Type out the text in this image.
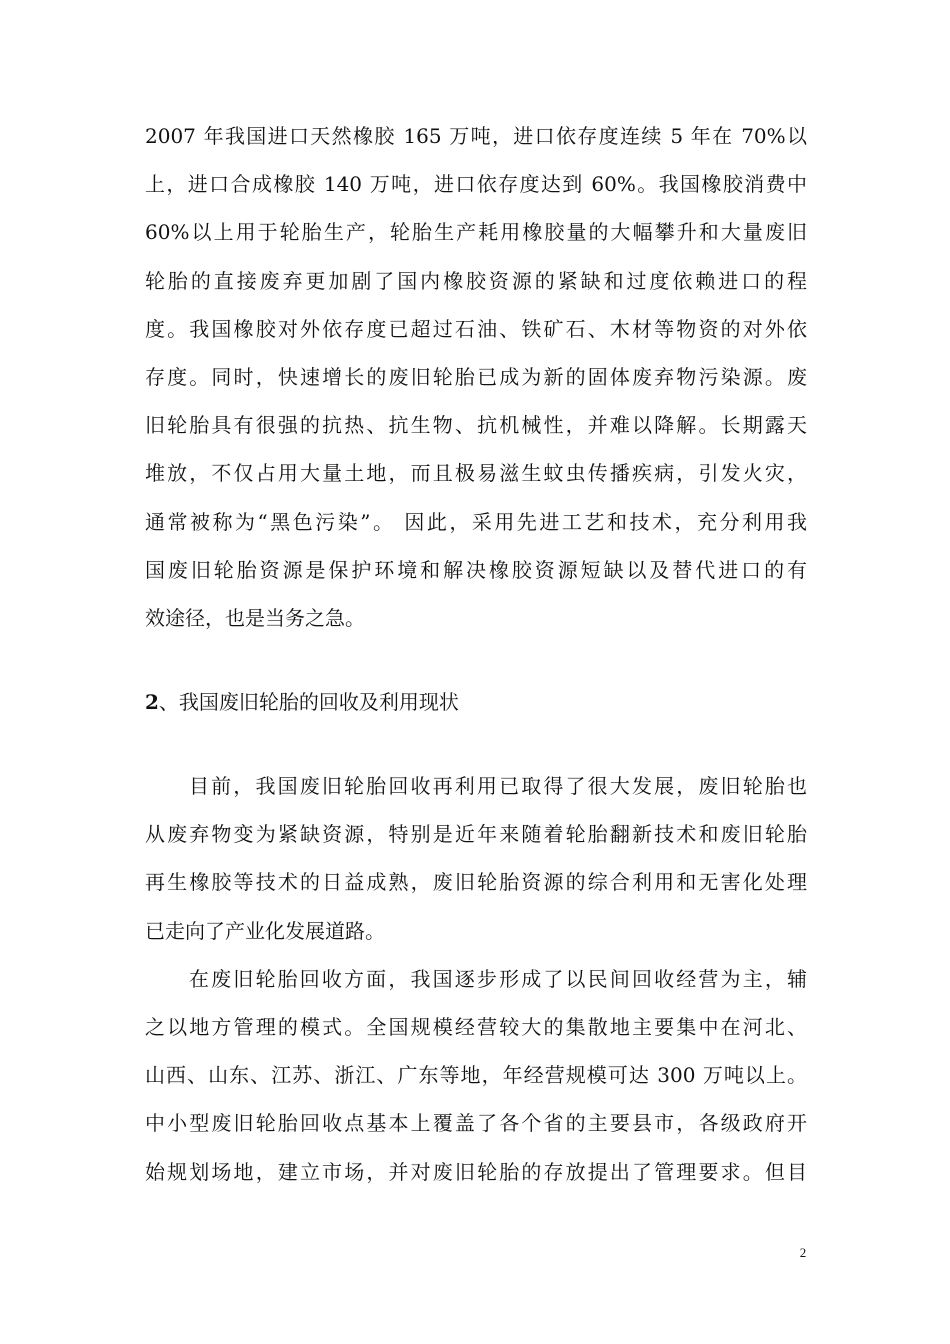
2007 年我国进口天然橡胶 165 万吨，进口依存度连续 5 年在 70%以
上，进口合成橡胶 140 万吨，进口依存度达到 60%。我国橡胶消费中
60%以上用于轮胎生产，轮胎生产耗用橡胶量的大幅攀升和大量废旧
轮胎的直接废弃更加剧了国内橡胶资源的紧缺和过度依赖进口的程
度。我国橡胶对外依存度已超过石油、铁矿石、木材等物资的对外依
存度。同时，快速增长的废旧轮胎已成为新的固体废弃物污染源。废
旧轮胎具有很强的抗热、抗生物、抗机械性，并难以降解。长期露天
堆放，不仅占用大量土地，而且极易滋生蚊虫传播疾病，引发火灾，
通常被称为“黑色污染”。 因此，采用先进工艺和技术，充分利用我
国废旧轮胎资源是保护环境和解决橡胶资源短缺以及替代进口的有
效途径，也是当务之急。
2、我国废旧轮胎的回收及利用现状
目前，我国废旧轮胎回收再利用已取得了很大发展，废旧轮胎也
从废弃物变为紧缺资源，特别是近年来随着轮胎翻新技术和废旧轮胎
再生橡胶等技术的日益成熟，废旧轮胎资源的综合利用和无害化处理
已走向了产业化发展道路。
在废旧轮胎回收方面，我国逐步形成了以民间回收经营为主，辅
之以地方管理的模式。全国规模经营较大的集散地主要集中在河北、
山西、山东、江苏、浙江、广东等地，年经营规模可达 300 万吨以上。
中小型废旧轮胎回收点基本上覆盖了各个省的主要县市，各级政府开
始规划场地，建立市场，并对废旧轮胎的存放提出了管理要求。但目
2
